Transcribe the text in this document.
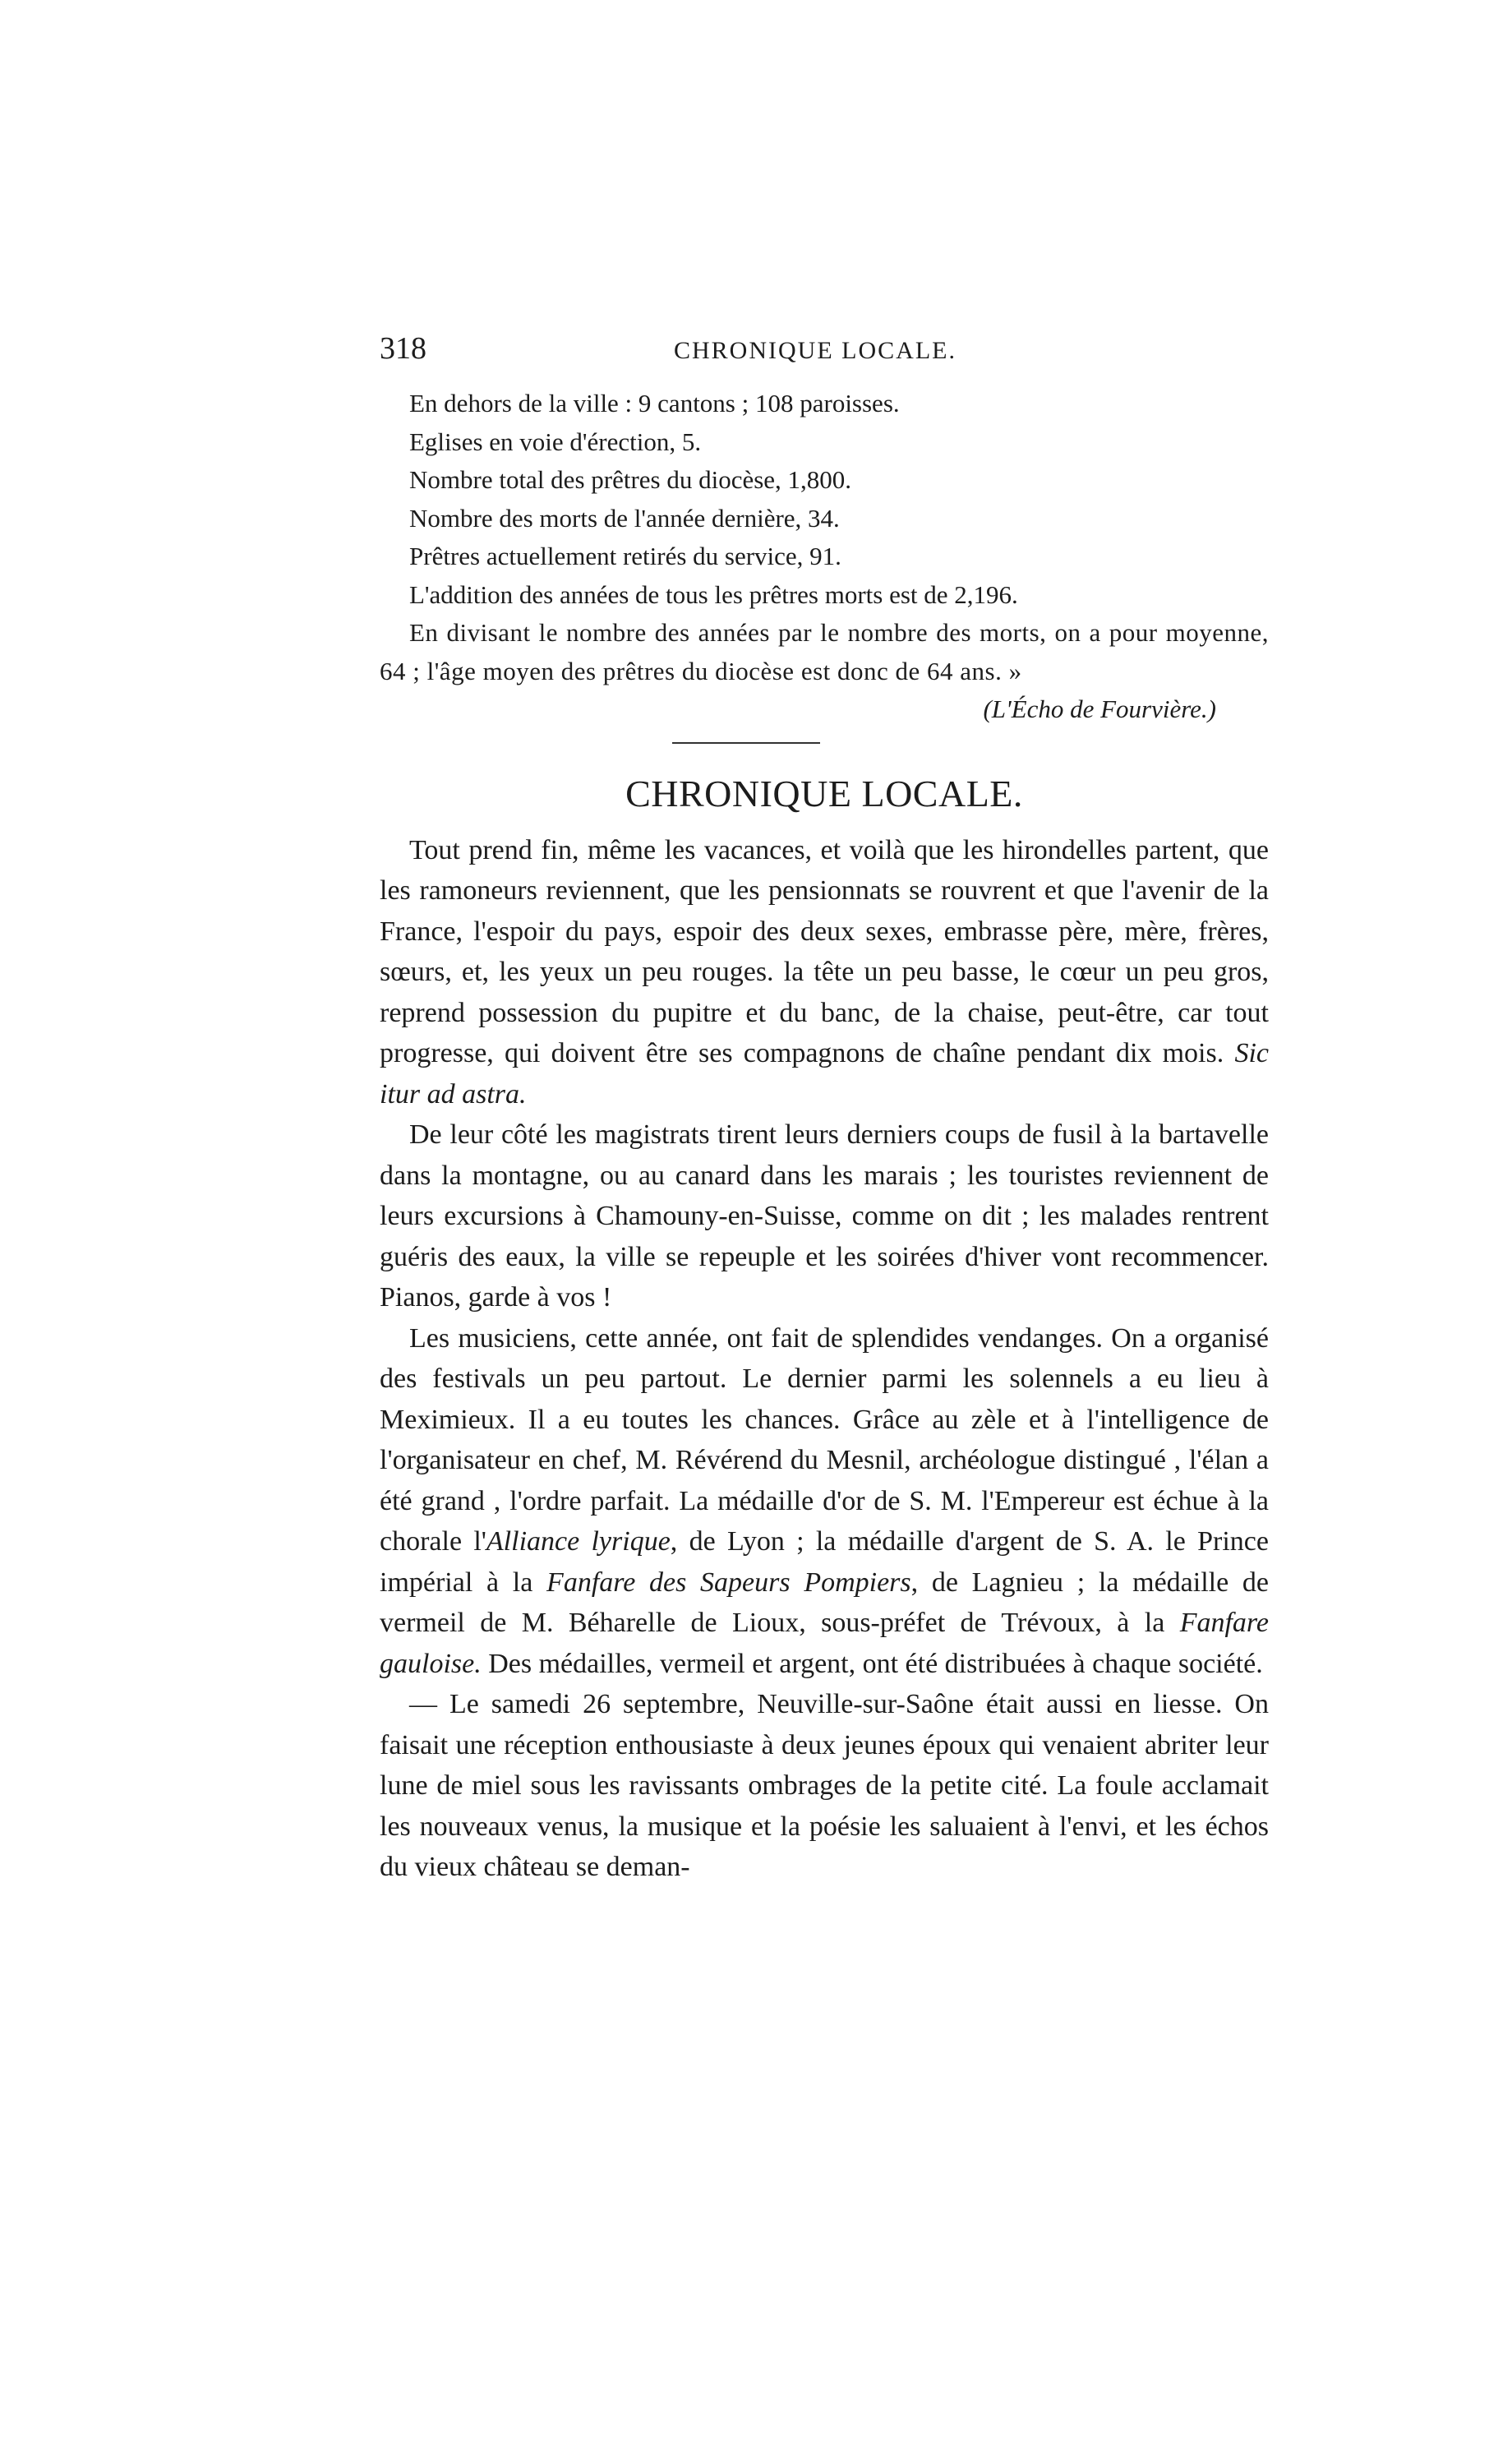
318	CHRONIQUE LOCALE.
En dehors de la ville : 9 cantons ; 108 paroisses.
Eglises en voie d'érection, 5.
Nombre total des prêtres du diocèse, 1,800.
Nombre des morts de l'année dernière, 34.
Prêtres actuellement retirés du service, 91.
L'addition des années de tous les prêtres morts est de 2,196.
En divisant le nombre des années par le nombre des morts, on a pour moyenne, 64 ; l'âge moyen des prêtres du diocèse est donc de 64 ans. »
(L'Écho de Fourvière.)
CHRONIQUE LOCALE.

Tout prend fin, même les vacances, et voilà que les hirondelles partent, que les ramoneurs reviennent, que les pensionnats se rouvrent et que l'avenir de la France, l'espoir du pays, espoir des deux sexes, embrasse père, mère, frères, sœurs, et, les yeux un peu rouges. la tête un peu basse, le cœur un peu gros, reprend possession du pupitre et du banc, de la chaise, peut-être, car tout progresse, qui doivent être ses compagnons de chaîne pendant dix mois. Sic itur ad astra.

De leur côté les magistrats tirent leurs derniers coups de fusil à la bartavelle dans la montagne, ou au canard dans les marais ; les touristes reviennent de leurs excursions à Chamouny-en-Suisse, comme on dit ; les malades rentrent guéris des eaux, la ville se repeuple et les soirées d'hiver vont recommencer. Pianos, garde à vos !

Les musiciens, cette année, ont fait de splendides vendanges. On a organisé des festivals un peu partout. Le dernier parmi les solennels a eu lieu à Meximieux. Il a eu toutes les chances. Grâce au zèle et à l'intelligence de l'organisateur en chef, M. Révérend du Mesnil, archéologue distingué , l'élan a été grand , l'ordre parfait. La médaille d'or de S. M. l'Empereur est échue à la chorale l'Alliance lyrique, de Lyon ; la médaille d'argent de S. A. le Prince impérial à la Fanfare des Sapeurs Pompiers, de Lagnieu ; la médaille de vermeil de M. Béharelle de Lioux, sous-préfet de Trévoux, à la Fanfare gauloise. Des médailles, vermeil et argent, ont été distribuées à chaque société.

— Le samedi 26 septembre, Neuville-sur-Saône était aussi en liesse. On faisait une réception enthousiaste à deux jeunes époux qui venaient abriter leur lune de miel sous les ravissants ombrages de la petite cité. La foule acclamait les nouveaux venus, la musique et la poésie les saluaient à l'envi, et les échos du vieux château se deman-
